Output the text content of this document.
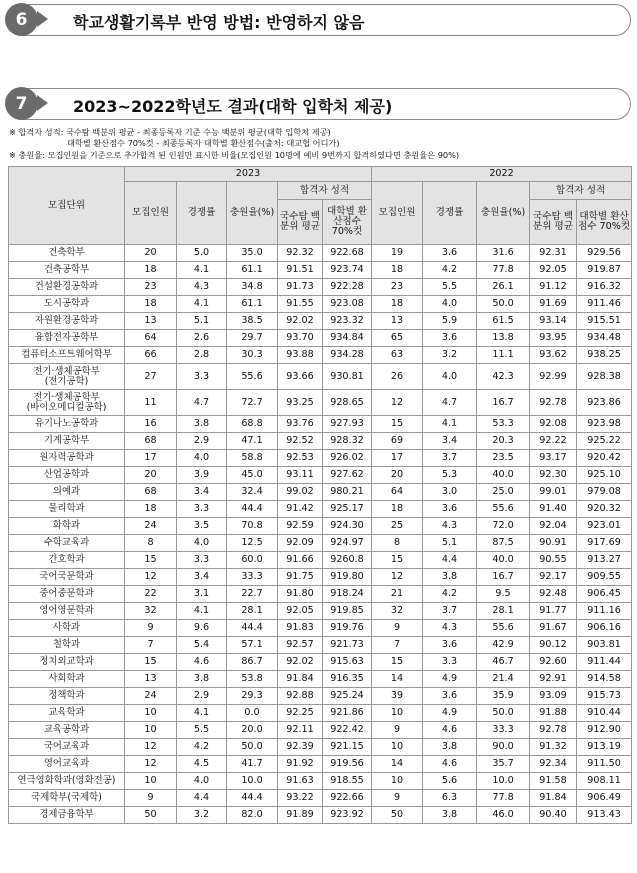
6	학교생활기록부 반영 방법: 반영하지 않음
7	2023~2022학년도 결과(대학 입학처 제공)
※ 합격자 성적: 국수탐 백분위 평균 - 최종등록자 기준 수능 백분위 평균(대학 입학처 제공)
대학별 환산점수 70%컷 - 최종등록자 대학별 환산점수(출처: 대교협 어디가)
※ 충원율: 모집인원을 기준으로 추가합격 된 인원만 표시한 비율(모집인원 10명에 예비 9번까지 합격하였다면 충원율은 90%)
모집단위	2023					2022				
	모집인원	경쟁률	충원율(%)	합격자 성적		모집인원	경쟁률	충원율(%)	합격자 성적	
				국수탐 백분위 평균	대학별 환산점수 70%컷				국수탐 백분위 평균	대학별 환산점수 70%컷
건축학부	20	5.0	35.0	92.32	922.68	19	3.6	31.6	92.31	929.56
건축공학부	18	4.1	61.1	91.51	923.74	18	4.2	77.8	92.05	919.87
건설환경공학과	23	4.3	34.8	91.73	922.28	23	5.5	26.1	91.12	916.32
도시공학과	18	4.1	61.1	91.55	923.08	18	4.0	50.0	91.69	911.46
자원환경공학과	13	5.1	38.5	92.02	923.32	13	5.9	61.5	93.14	915.51
융합전자공학부	64	2.6	29.7	93.70	934.84	65	3.6	13.8	93.95	934.48
컴퓨터소프트웨어학부	66	2.8	30.3	93.88	934.28	63	3.2	11.1	93.62	938.25
전기·생체공학부
(전기공학)	27	3.3	55.6	93.66	930.81	26	4.0	42.3	92.99	928.38
전기·생체공학부
(바이오메디컬공학)	11	4.7	72.7	93.25	928.65	12	4.7	16.7	92.78	923.86
유기나노공학과	16	3.8	68.8	93.76	927.93	15	4.1	53.3	92.08	923.98
기계공학부	68	2.9	47.1	92.52	928.32	69	3.4	20.3	92.22	925.22
원자력공학과	17	4.0	58.8	92.53	926.02	17	3.7	23.5	93.17	920.42
산업공학과	20	3.9	45.0	93.11	927.62	20	5.3	40.0	92.30	925.10
의예과	68	3.4	32.4	99.02	980.21	64	3.0	25.0	99.01	979.08
물리학과	18	3.3	44.4	91.42	925.17	18	3.6	55.6	91.40	920.32
화학과	24	3.5	70.8	92.59	924.30	25	4.3	72.0	92.04	923.01
수학교육과	8	4.0	12.5	92.09	924.97	8	5.1	87.5	90.91	917.69
간호학과	15	3.3	60.0	91.66	9260.8	15	4.4	40.0	90.55	913.27
국어국문학과	12	3.4	33.3	91.75	919.80	12	3.8	16.7	92.17	909.55
중어중문학과	22	3.1	22.7	91.80	918.24	21	4.2	9.5	92.48	906.45
영어영문학과	32	4.1	28.1	92.05	919.85	32	3.7	28.1	91.77	911.16
사학과	9	9.6	44.4	91.83	919.76	9	4.3	55.6	91.67	906.16
철학과	7	5.4	57.1	92.57	921.73	7	3.6	42.9	90.12	903.81
정치외교학과	15	4.6	86.7	92.02	915.63	15	3.3	46.7	92.60	911.44
사회학과	13	3.8	53.8	91.84	916.35	14	4.9	21.4	92.91	914.58
정책학과	24	2.9	29.3	92.88	925.24	39	3.6	35.9	93.09	915.73
교육학과	10	4.1	0.0	92.25	921.86	10	4.9	50.0	91.88	910.44
교육공학과	10	5.5	20.0	92.11	922.42	9	4.6	33.3	92.78	912.90
국어교육과	12	4.2	50.0	92.39	921.15	10	3.8	90.0	91.32	913.19
영어교육과	12	4.5	41.7	91.92	919.56	14	4.6	35.7	92.34	911.50
연극영화학과(영화전공)	10	4.0	10.0	91.63	918.55	10	5.6	10.0	91.58	908.11
국제학부(국제학)	9	4.4	44.4	93.22	922.66	9	6.3	77.8	91.84	906.49
경제금융학부	50	3.2	82.0	91.89	923.92	50	3.8	46.0	90.40	913.43
